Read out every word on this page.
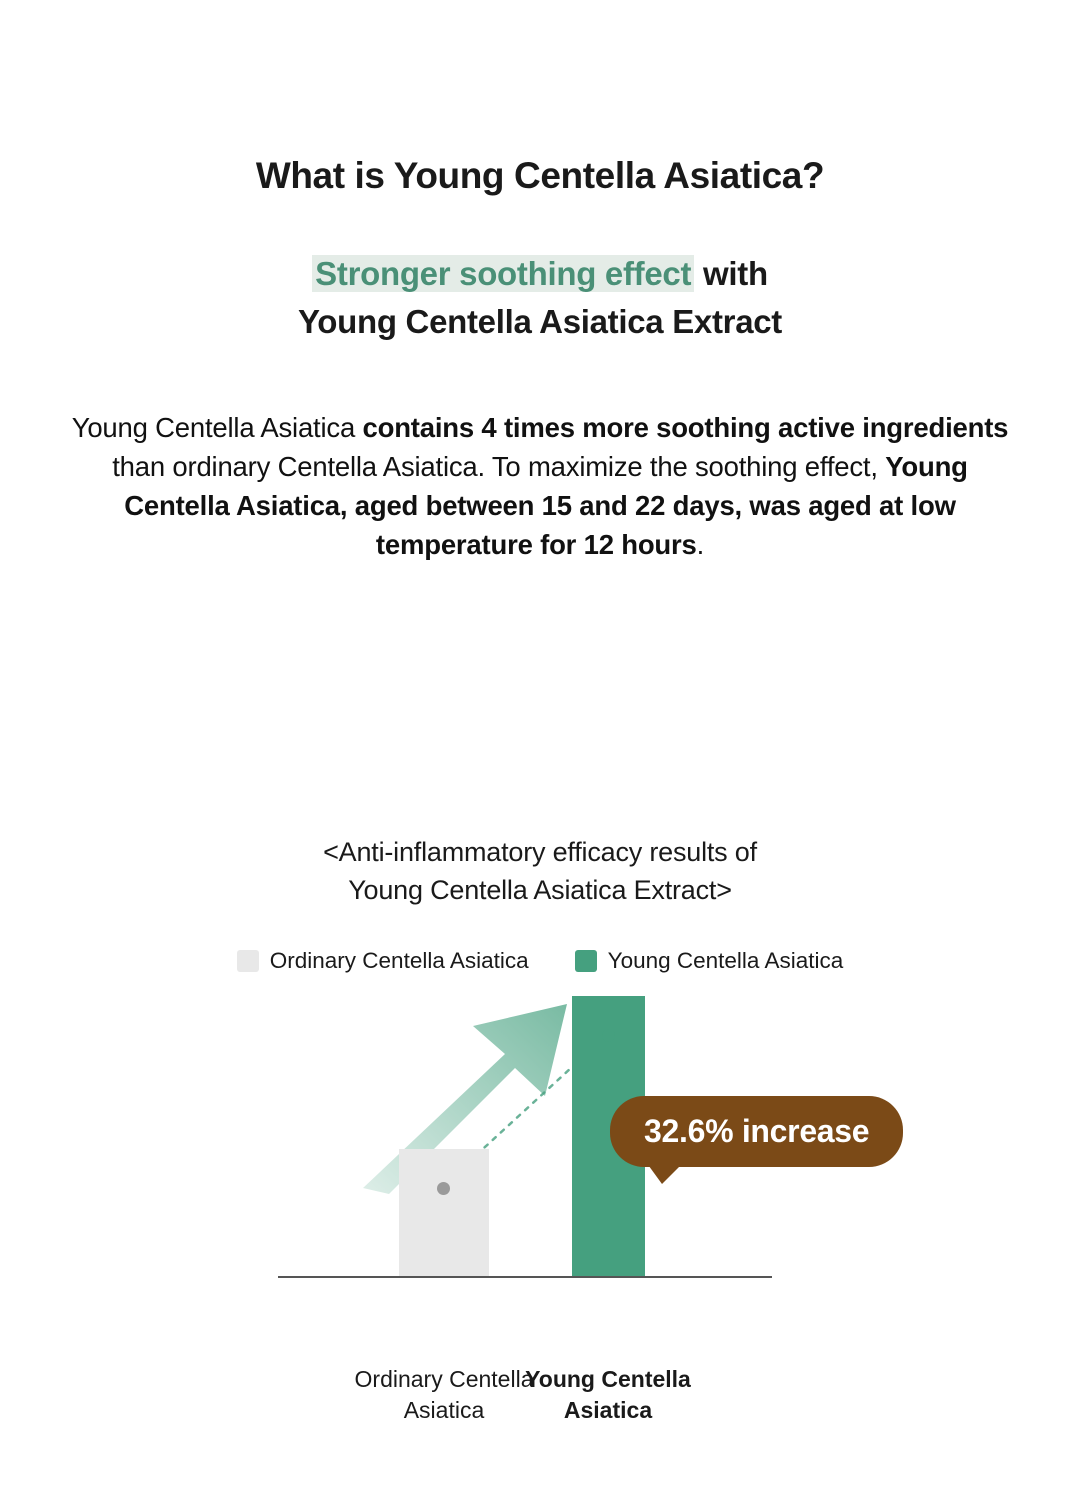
What is Young Centella Asiatica?
Stronger soothing effect with
Young Centella Asiatica Extract

Young Centella Asiatica contains 4 times more soothing active ingredients than ordinary Centella Asiatica. To maximize the soothing effect, Young Centella Asiatica, aged between 15 and 22 days, was aged at low temperature for 12 hours.

<Anti-inflammatory efficacy results of
Young Centella Asiatica Extract>
Ordinary Centella Asiatica	Young Centella Asiatica
32.6% increase
Ordinary Centella
Asiatica
Young Centella
Asiatica
